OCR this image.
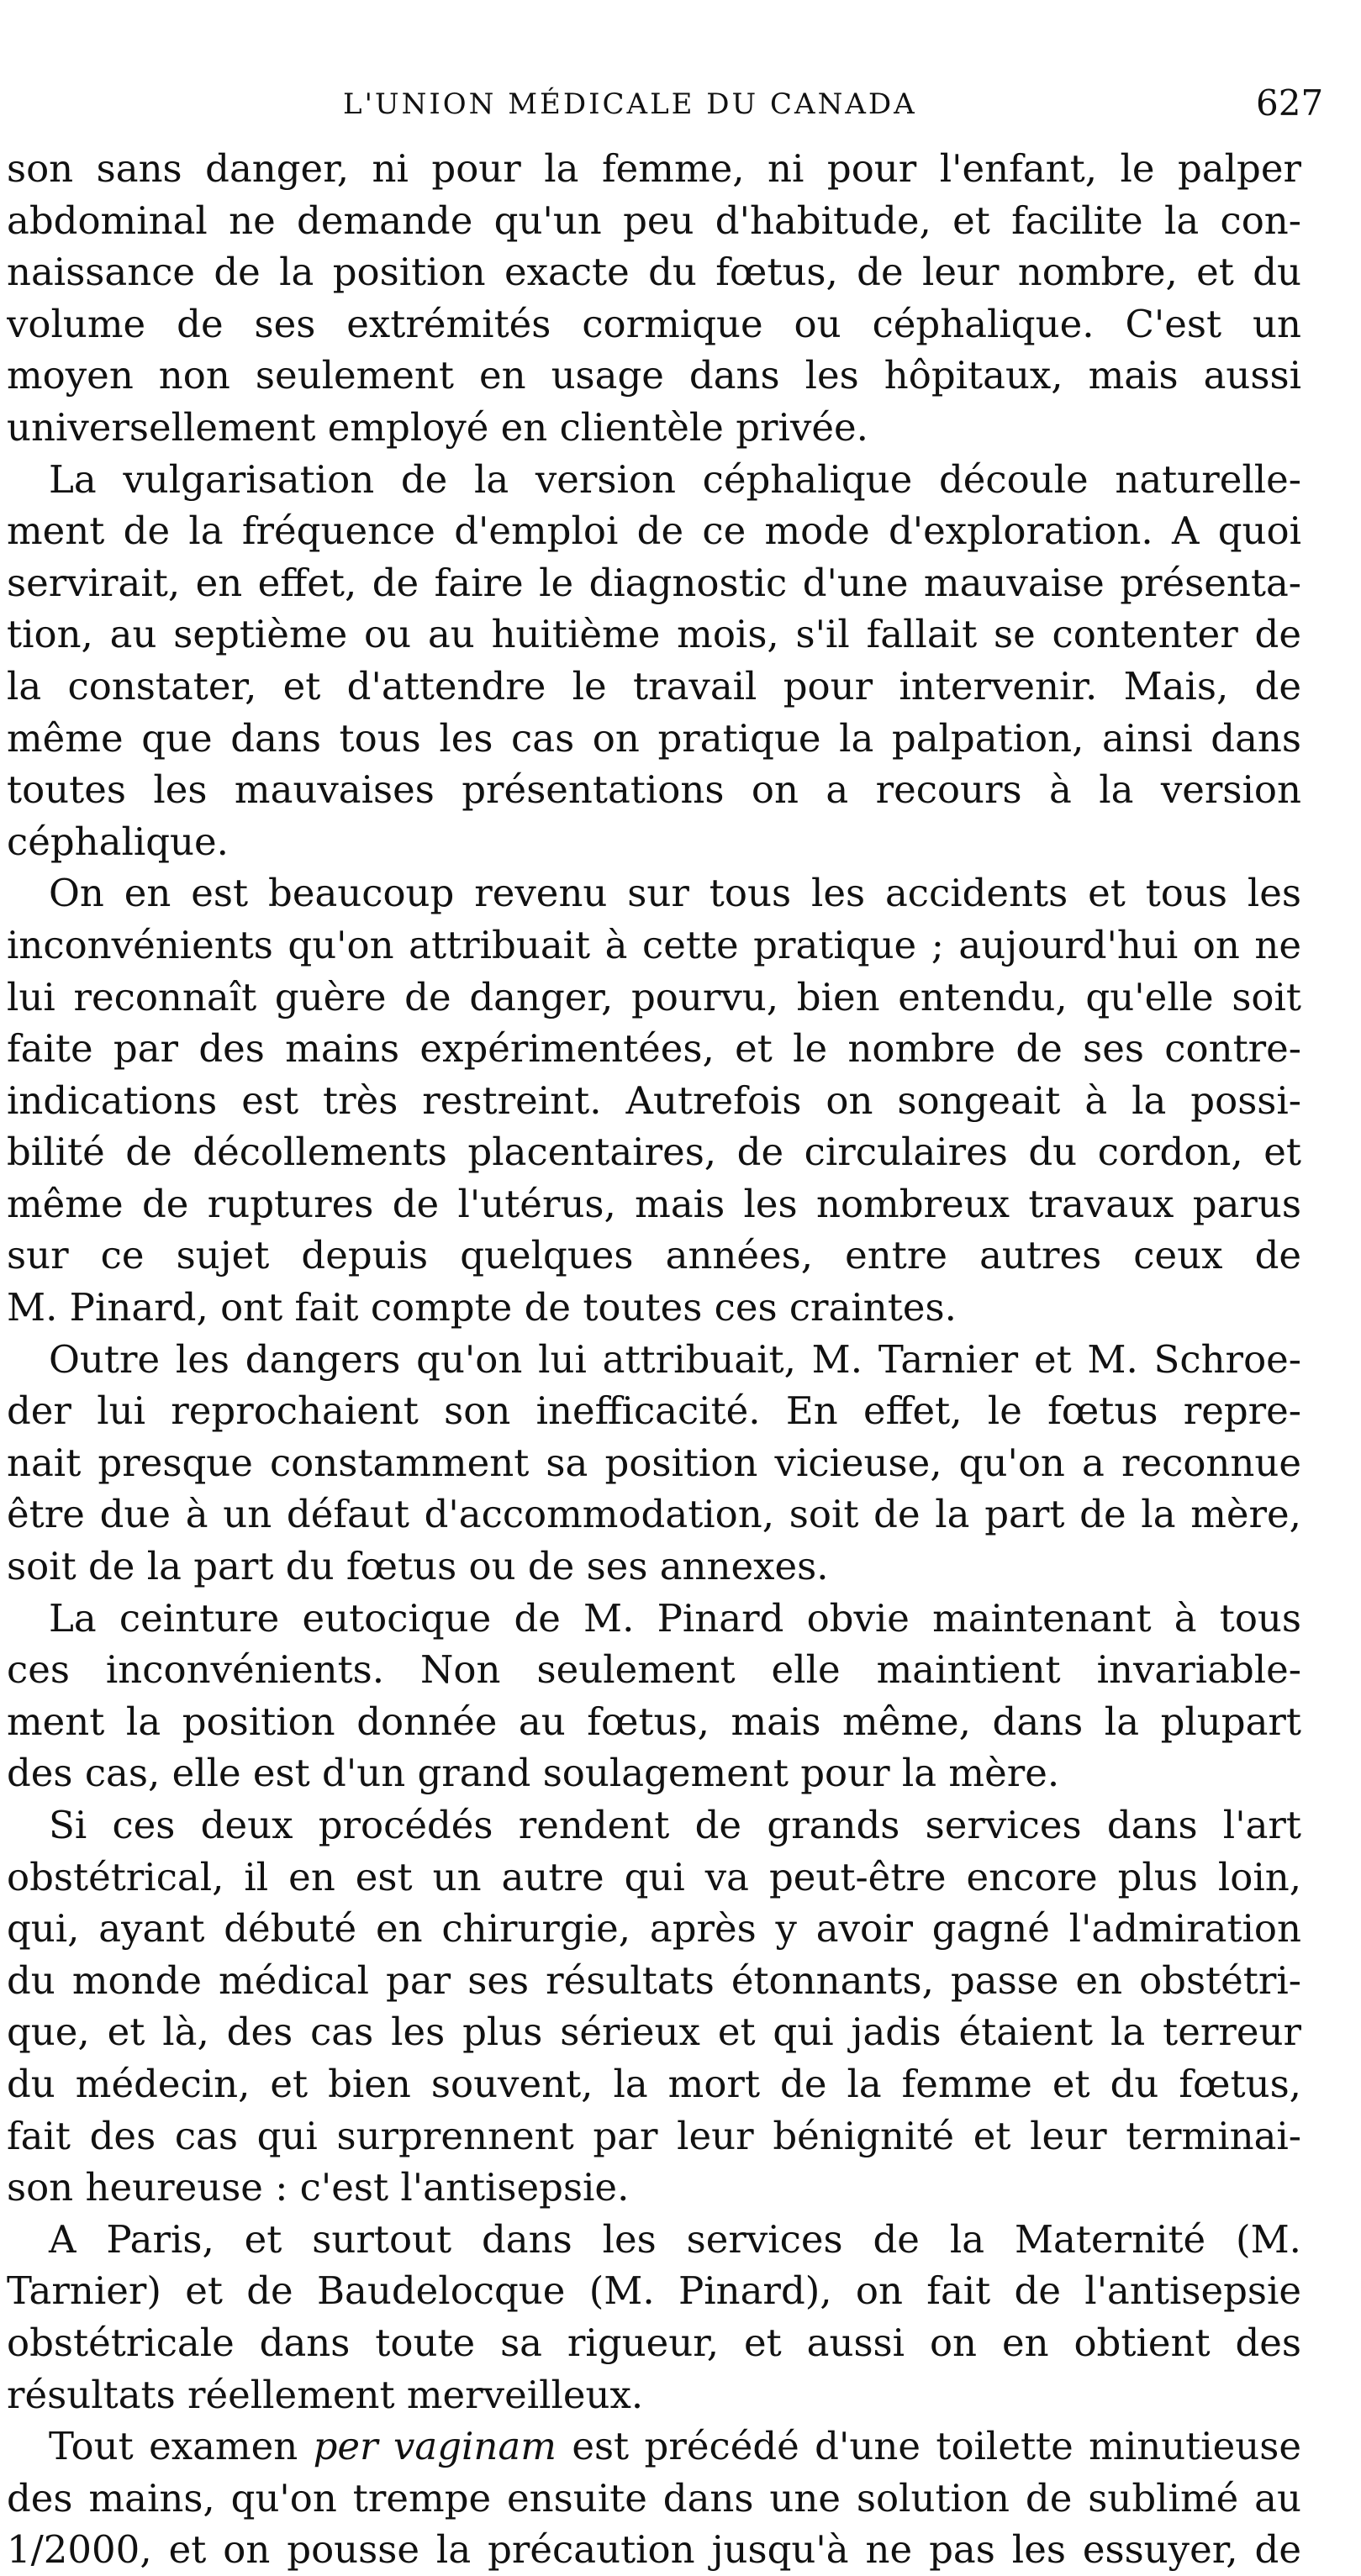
L'UNION MÉDICALE DU CANADA	627
son sans danger, ni pour la femme, ni pour l'enfant, le palper
abdominal ne demande qu'un peu d'habitude, et facilite la con-
naissance de la position exacte du fœtus, de leur nombre, et du
volume de ses extrémités cormique ou céphalique. C'est un
moyen non seulement en usage dans les hôpitaux, mais aussi
universellement employé en clientèle privée.
La vulgarisation de la version céphalique découle naturelle-
ment de la fréquence d'emploi de ce mode d'exploration. A quoi
servirait, en effet, de faire le diagnostic d'une mauvaise présenta-
tion, au septième ou au huitième mois, s'il fallait se contenter de
la constater, et d'attendre le travail pour intervenir. Mais, de
même que dans tous les cas on pratique la palpation, ainsi dans
toutes les mauvaises présentations on a recours à la version
céphalique.
On en est beaucoup revenu sur tous les accidents et tous les
inconvénients qu'on attribuait à cette pratique ; aujourd'hui on ne
lui reconnaît guère de danger, pourvu, bien entendu, qu'elle soit
faite par des mains expérimentées, et le nombre de ses contre-
indications est très restreint. Autrefois on songeait à la possi-
bilité de décollements placentaires, de circulaires du cordon, et
même de ruptures de l'utérus, mais les nombreux travaux parus
sur ce sujet depuis quelques années, entre autres ceux de
M. Pinard, ont fait compte de toutes ces craintes.
Outre les dangers qu'on lui attribuait, M. Tarnier et M. Schroe-
der lui reprochaient son inefficacité. En effet, le fœtus repre-
nait presque constamment sa position vicieuse, qu'on a reconnue
être due à un défaut d'accommodation, soit de la part de la mère,
soit de la part du fœtus ou de ses annexes.
La ceinture eutocique de M. Pinard obvie maintenant à tous
ces inconvénients. Non seulement elle maintient invariable-
ment la position donnée au fœtus, mais même, dans la plupart
des cas, elle est d'un grand soulagement pour la mère.
Si ces deux procédés rendent de grands services dans l'art
obstétrical, il en est un autre qui va peut-être encore plus loin,
qui, ayant débuté en chirurgie, après y avoir gagné l'admiration
du monde médical par ses résultats étonnants, passe en obstétri-
que, et là, des cas les plus sérieux et qui jadis étaient la terreur
du médecin, et bien souvent, la mort de la femme et du fœtus,
fait des cas qui surprennent par leur bénignité et leur terminai-
son heureuse : c'est l'antisepsie.
A Paris, et surtout dans les services de la Maternité (M.
Tarnier) et de Baudelocque (M. Pinard), on fait de l'antisepsie
obstétricale dans toute sa rigueur, et aussi on en obtient des
résultats réellement merveilleux.
Tout examen per vaginam est précédé d'une toilette minutieuse
des mains, qu'on trempe ensuite dans une solution de sublimé au
1/2000, et on pousse la précaution jusqu'à ne pas les essuyer, de
